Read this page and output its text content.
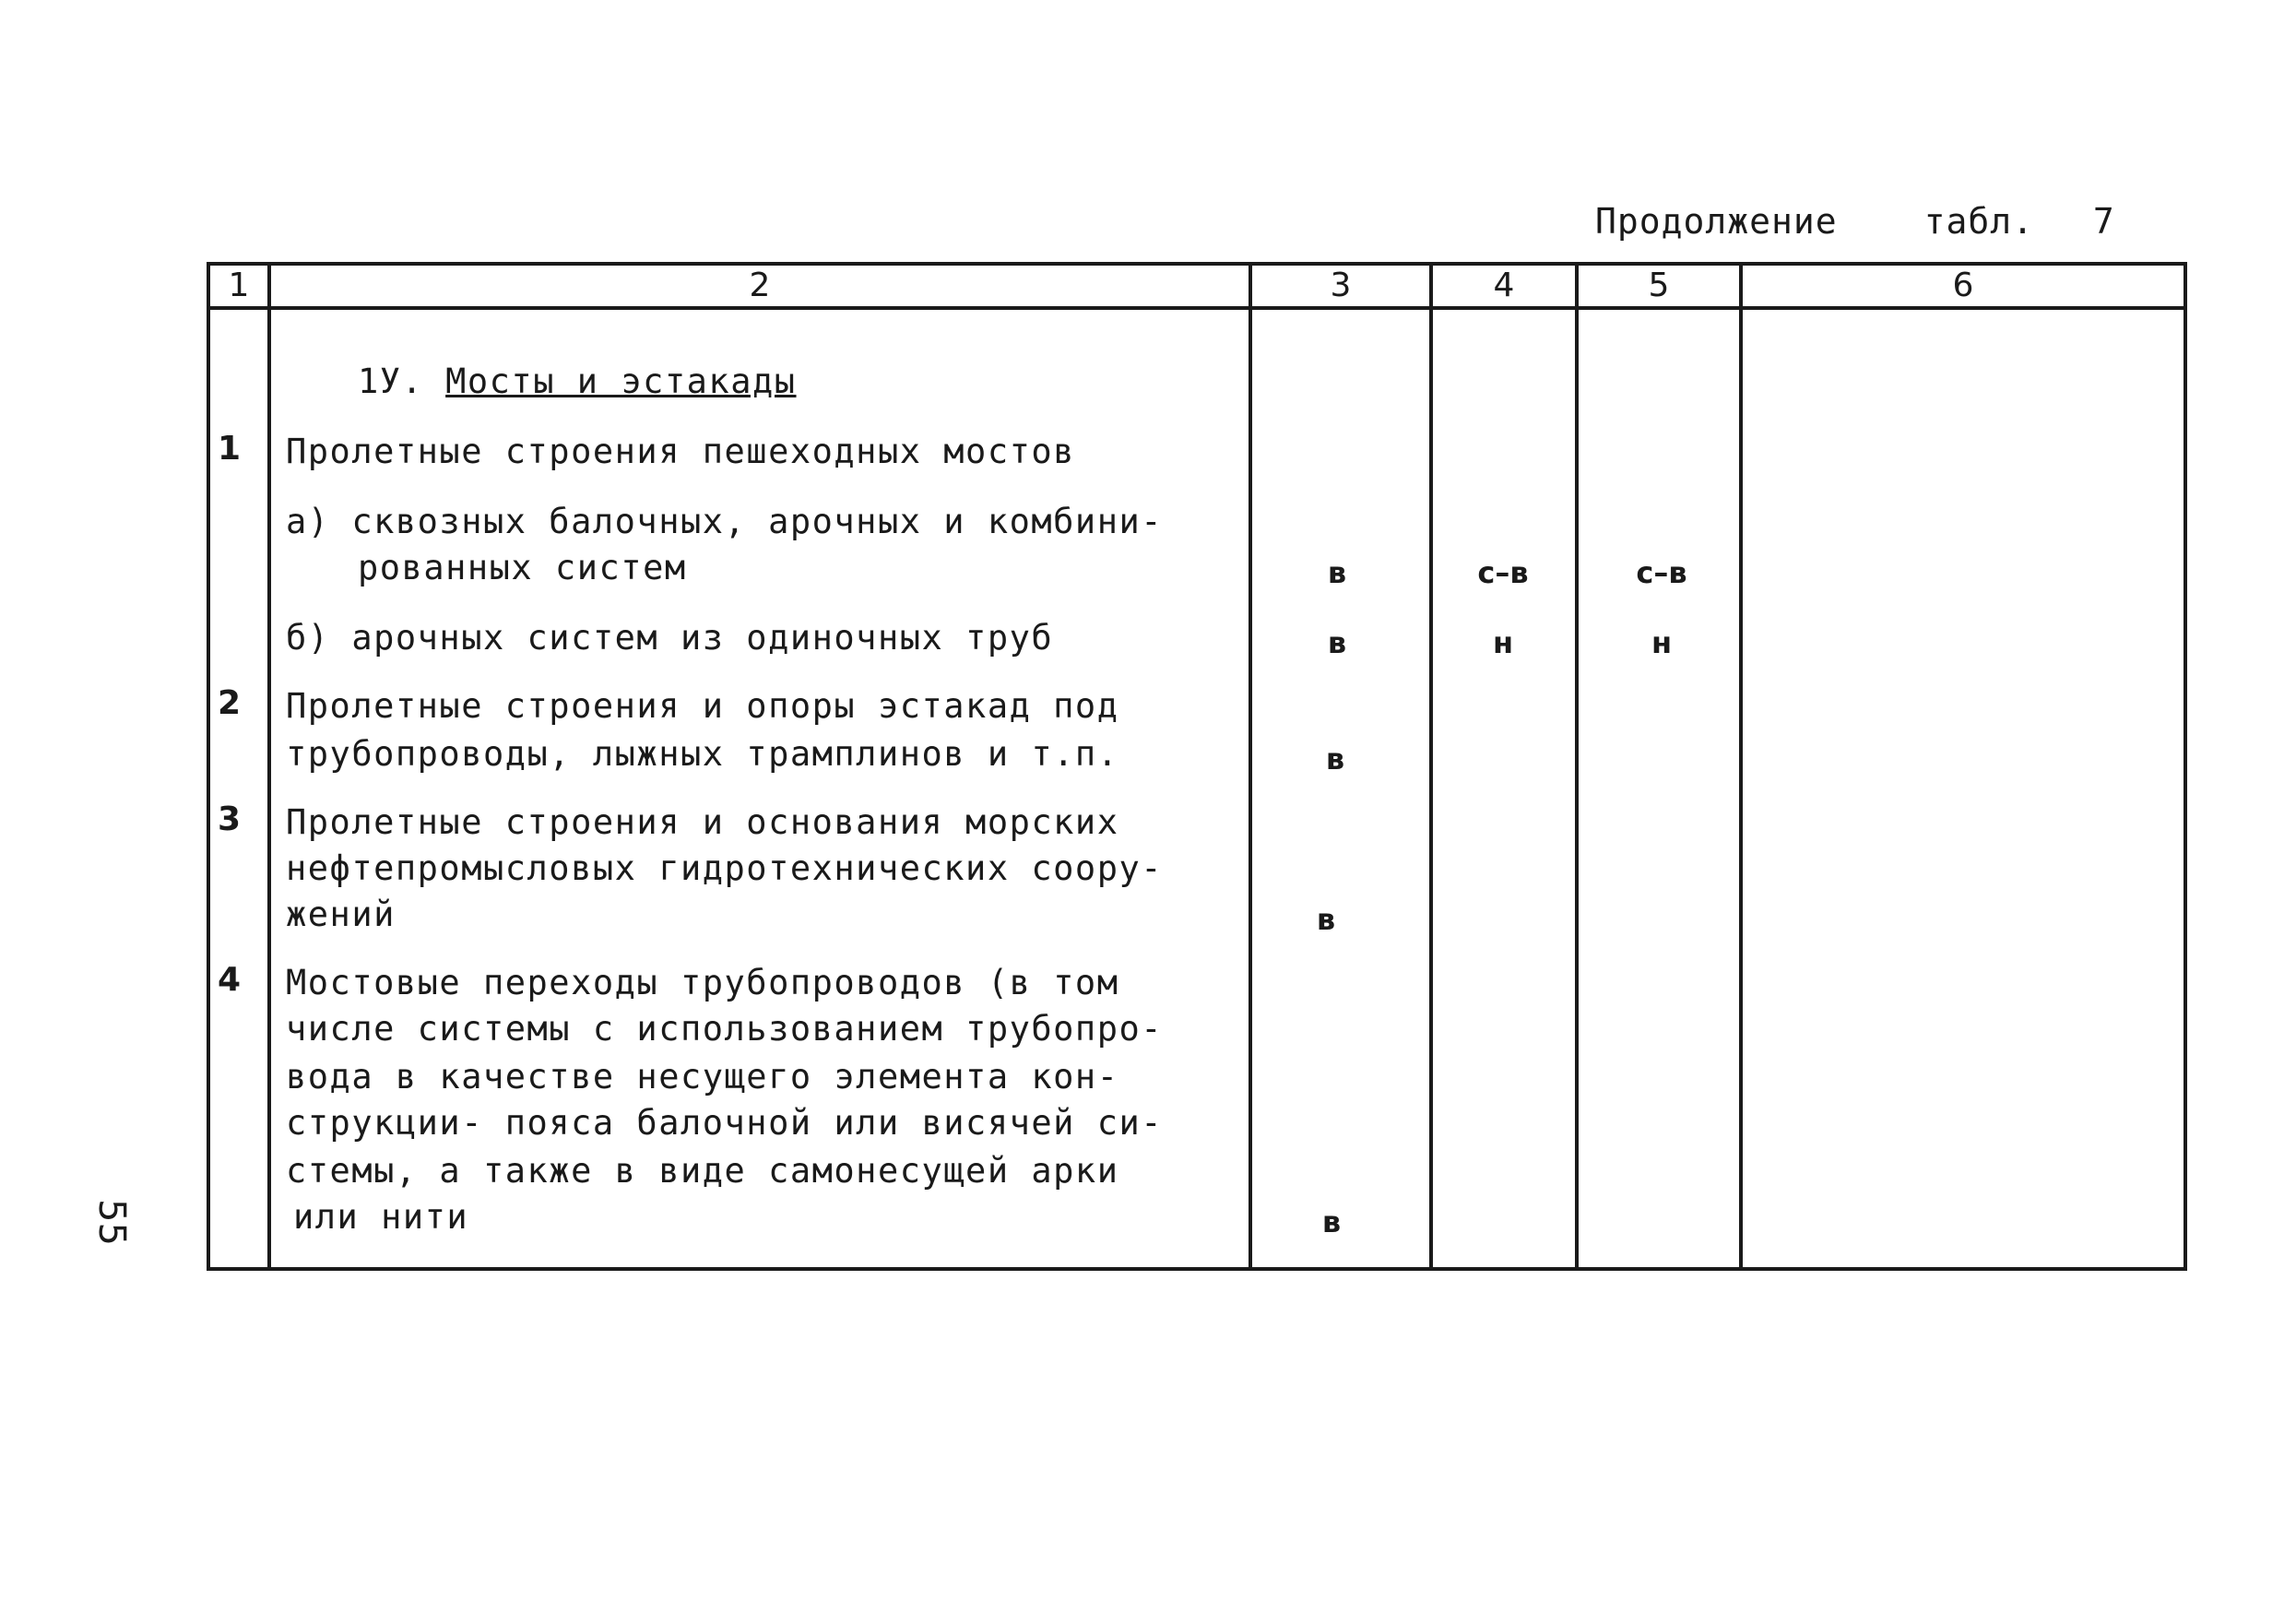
Продолжение табл. 7
55
1	2	3	4	5	6
1У. Мосты и эстакады
1 Пролетные строения пешеходных мостов
а) сквозных балочных, арочных и комбини-
рованных систем	в	с–в	с–в
б) арочных систем из одиночных труб	в	н	н
2 Пролетные строения и опоры эстакад под
трубопроводы, лыжных трамплинов и т.п.	в
3 Пролетные строения и основания морских
нефтепромысловых гидротехнических соору-
жений	в
4 Мостовые переходы трубопроводов (в том
числе системы с использованием трубопро-
вода в качестве несущего элемента кон-
струкции- пояса балочной или висячей си-
стемы, а также в виде самонесущей арки
или нити	в
